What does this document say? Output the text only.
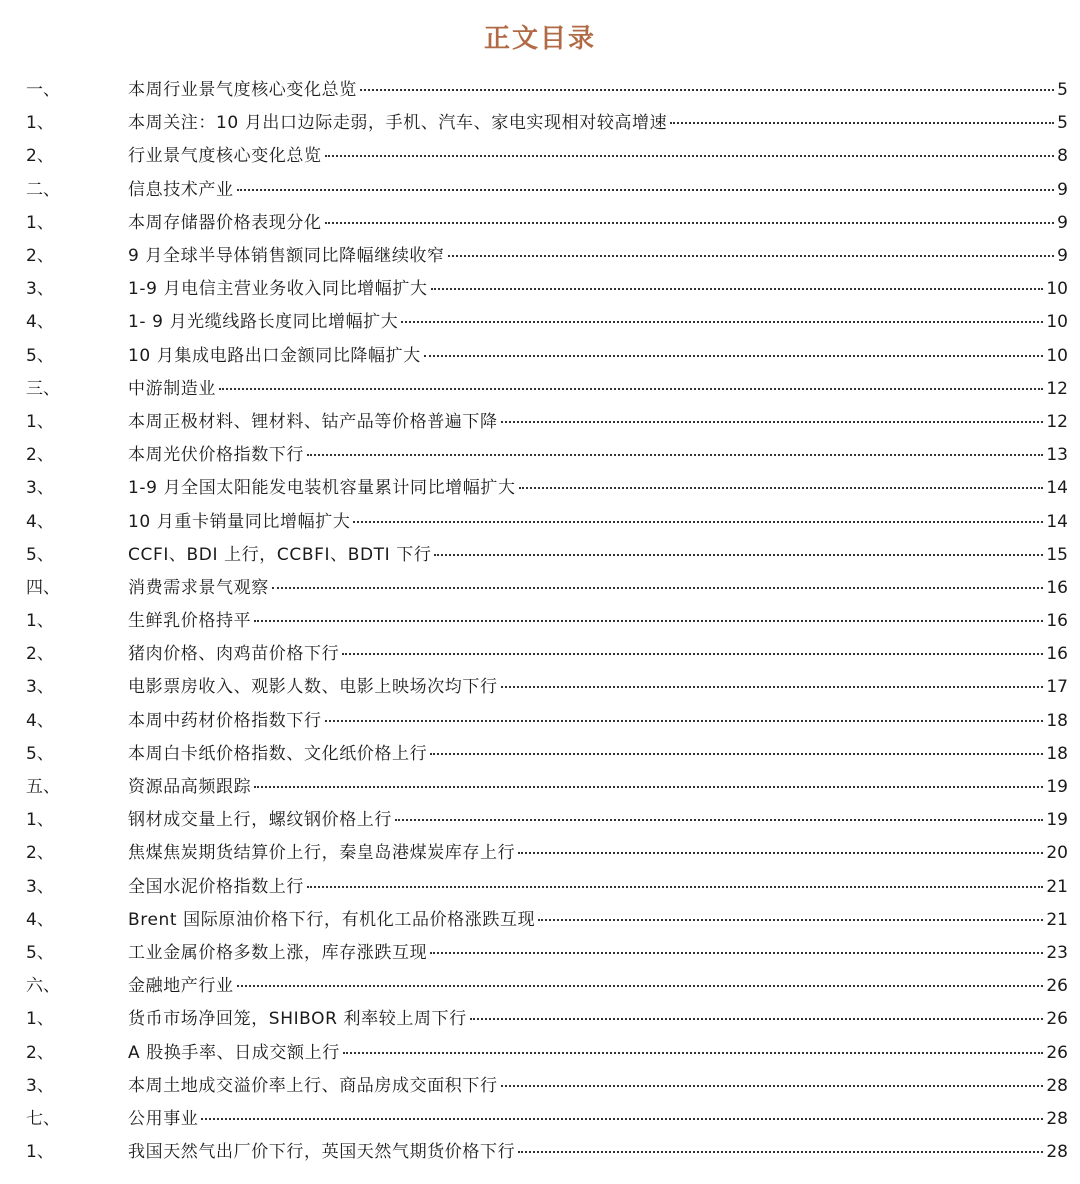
正文目录
一、	本周行业景气度核心变化总览	5
1、	本周关注：10 月出口边际走弱，手机、汽车、家电实现相对较高增速	5
2、	行业景气度核心变化总览	8
二、	信息技术产业	9
1、	本周存储器价格表现分化	9
2、	9 月全球半导体销售额同比降幅继续收窄	9
3、	1-9 月电信主营业务收入同比增幅扩大	10
4、	1- 9 月光缆线路长度同比增幅扩大	10
5、	10 月集成电路出口金额同比降幅扩大	10
三、	中游制造业	12
1、	本周正极材料、锂材料、钴产品等价格普遍下降	12
2、	本周光伏价格指数下行	13
3、	1-9 月全国太阳能发电装机容量累计同比增幅扩大	14
4、	10 月重卡销量同比增幅扩大	14
5、	CCFI、BDI 上行，CCBFI、BDTI 下行	15
四、	消费需求景气观察	16
1、	生鲜乳价格持平	16
2、	猪肉价格、肉鸡苗价格下行	16
3、	电影票房收入、观影人数、电影上映场次均下行	17
4、	本周中药材价格指数下行	18
5、	本周白卡纸价格指数、文化纸价格上行	18
五、	资源品高频跟踪	19
1、	钢材成交量上行，螺纹钢价格上行	19
2、	焦煤焦炭期货结算价上行，秦皇岛港煤炭库存上行	20
3、	全国水泥价格指数上行	21
4、	Brent 国际原油价格下行，有机化工品价格涨跌互现	21
5、	工业金属价格多数上涨，库存涨跌互现	23
六、	金融地产行业	26
1、	货币市场净回笼，SHIBOR 利率较上周下行	26
2、	A 股换手率、日成交额上行	26
3、	本周土地成交溢价率上行、商品房成交面积下行	28
七、	公用事业	28
1、	我国天然气出厂价下行，英国天然气期货价格下行	28
